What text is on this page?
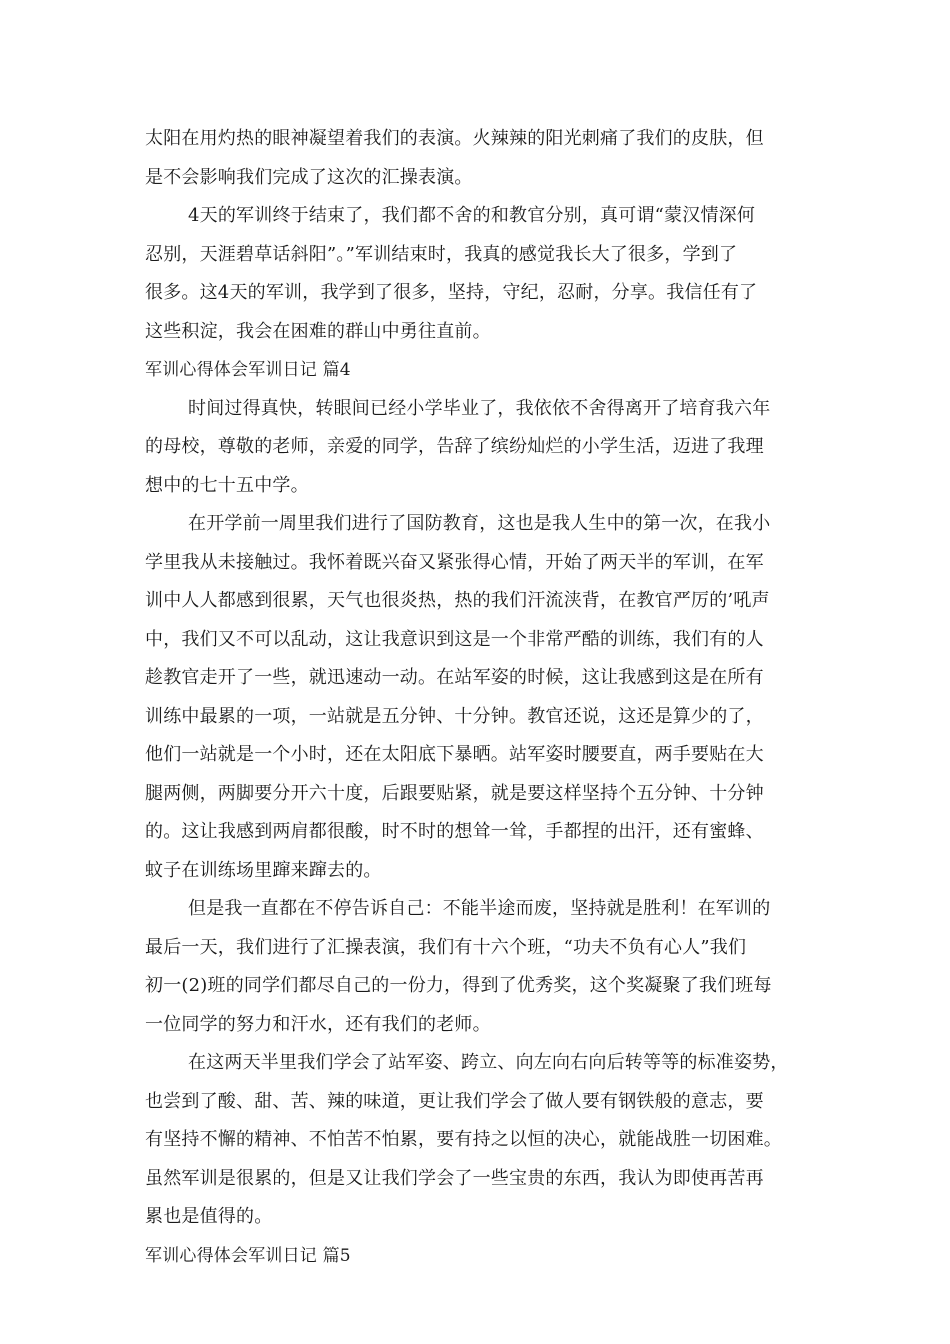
太阳在用灼热的眼神凝望着我们的表演。火辣辣的阳光刺痛了我们的皮肤，但
是不会影响我们完成了这次的汇操表演。
4天的军训终于结束了，我们都不舍的和教官分别，真可谓“蒙汉情深何
忍别，天涯碧草话斜阳”。”军训结束时，我真的感觉我长大了很多，学到了
很多。这4天的军训，我学到了很多，坚持，守纪，忍耐，分享。我信任有了
这些积淀，我会在困难的群山中勇往直前。
军训心得体会军训日记 篇4
时间过得真快，转眼间已经小学毕业了，我依依不舍得离开了培育我六年
的母校，尊敬的老师，亲爱的同学，告辞了缤纷灿烂的小学生活，迈进了我理
想中的七十五中学。
在开学前一周里我们进行了国防教育，这也是我人生中的第一次，在我小
学里我从未接触过。我怀着既兴奋又紧张得心情，开始了两天半的军训，在军
训中人人都感到很累，天气也很炎热，热的我们汗流浃背，在教官严厉的’吼声
中，我们又不可以乱动，这让我意识到这是一个非常严酷的训练，我们有的人
趁教官走开了一些，就迅速动一动。在站军姿的时候，这让我感到这是在所有
训练中最累的一项，一站就是五分钟、十分钟。教官还说，这还是算少的了，
他们一站就是一个小时，还在太阳底下暴晒。站军姿时腰要直，两手要贴在大
腿两侧，两脚要分开六十度，后跟要贴紧，就是要这样坚持个五分钟、十分钟
的。这让我感到两肩都很酸，时不时的想耸一耸，手都捏的出汗，还有蜜蜂、
蚊子在训练场里蹿来蹿去的。
但是我一直都在不停告诉自己：不能半途而废，坚持就是胜利！在军训的
最后一天，我们进行了汇操表演，我们有十六个班，“功夫不负有心人”我们
初一(2)班的同学们都尽自己的一份力，得到了优秀奖，这个奖凝聚了我们班每
一位同学的努力和汗水，还有我们的老师。
在这两天半里我们学会了站军姿、跨立、向左向右向后转等等的标准姿势，
也尝到了酸、甜、苦、辣的味道，更让我们学会了做人要有钢铁般的意志，要
有坚持不懈的精神、不怕苦不怕累，要有持之以恒的决心，就能战胜一切困难。
虽然军训是很累的，但是又让我们学会了一些宝贵的东西，我认为即使再苦再
累也是值得的。
军训心得体会军训日记 篇5
